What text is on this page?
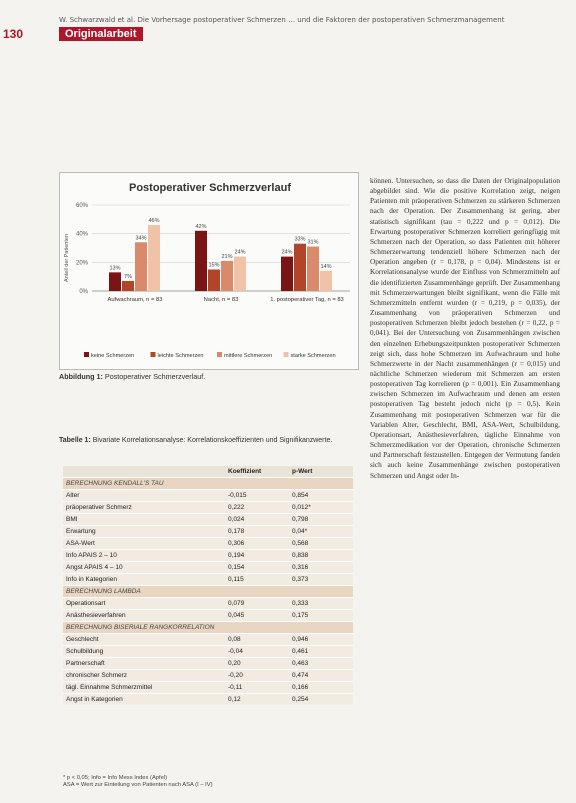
W. Schwarzwald et al. Die Vorhersage postoperativer Schmerzen … und die Faktoren der postoperativen Schmerzmanagement
130	Originalarbeit
Postoperativer Schmerzverlauf
Anteil der Patienten
0%
20%
40%
60%
13%
7%
34%
46%
42%
15%
21%
24%	24%
33% 31%
14%
Aufwachraum, n = 83	Nacht, n = 83	1. postoperativer Tag, n = 83
keine Schmerzen	leichte Schmerzen	mittlere Schmerzen	starke Schmerzen
Abbildung 1: Postoperativer Schmerzverlauf.
Tabelle 1: Bivariate Korrelationsanalyse: Korrelationskoeffizienten und Signifikanzwerte.
	Koeffizient	p-Wert
BERECHNUNG KENDALL'S TAU		
Alter	-0,015	0,854
präoperativer Schmerz	0,222	0,012*
BMI	0,024	0,798
Erwartung	0,178	0,04*
ASA-Wert	0,306	0,568
Info APAIS 2 – 10	0,194	0,838
Angst APAIS 4 – 10	0,154	0,316
Info in Kategorien	0,115	0,373
BERECHNUNG LAMBDA		
Operationsart	0,079	0,333
Anästhesieverfahren	0,045	0,175
BERECHNUNG BISERIALE RANGKORRELATION		
Geschlecht	0,08	0,946
Schulbildung	-0,04	0,461
Partnerschaft	0,20	0,463
chronischer Schmerz	-0,20	0,474
tägl. Einnahme Schmerzmittel	-0,11	0,166
Angst in Kategorien	0,12	0,254
* p < 0,05; Info = Info Mess Index (Apfel)
ASA = Wert zur Einteilung von Patienten nach ASA (I – IV)

können. Untersuchen, so dass die Daten der Originalpopulation abgebildet sind. Wie die positive Korrelation zeigt, neigen Patienten mit präoperativen Schmerzen zu stärkeren Schmerzen nach der Operation. Der Zusammenhang ist gering, aber statistisch signifikant (tau = 0,222 und p = 0,012). Die Erwartung postoperativer Schmerzen korreliert geringfügig mit Schmerzen nach der Operation, so dass Patienten mit höherer Schmerzerwartung tendenziell höhere Schmerzen nach der Operation angeben (r = 0,178, p = 0,04). Mindestens ist er Korrelationsanalyse wurde der Einfluss von Schmerzmitteln auf die identifizierten Zusammenhänge geprüft. Der Zusammenhang mit Schmerzerwartungen bleibt signifikant, wenn die Fälle mit Schmerzmitteln entfernt wurden (r = 0,219, p = 0,035), der Zusammenhang von präoperativen Schmerzen und postoperativen Schmerzen bleibt jedoch bestehen (r = 0,22, p = 0,041). Bei der Untersuchung von Zusammenhängen zwischen den einzelnen Erhebungszeitpunkten postoperativer Schmerzen zeigt sich, dass hohe Schmerzen im Aufwachraum und hohe Schmerzwerte in der Nacht zusammenhängen (r = 0,015) und nächtliche Schmerzen wiederum mit Schmerzen am ersten postoperativen Tag korrelieren (p = 0,001). Ein Zusammenhang zwischen Schmerzen im Aufwachraum und denen am ersten postoperativen Tag besteht jedoch nicht (p = 0,5). Kein Zusammenhang mit postoperativen Schmerzen war für die Variablen Alter, Geschlecht, BMI, ASA-Wert, Schulbildung, Operationsart, Anästhesieverfahren, tägliche Einnahme von Schmerzmedikation vor der Operation, chronische Schmerzen und Partnerschaft festzustellen. Entgegen der Vermutung fanden sich auch keine Zusammenhänge zwischen postoperativen Schmerzen und Angst oder In-
